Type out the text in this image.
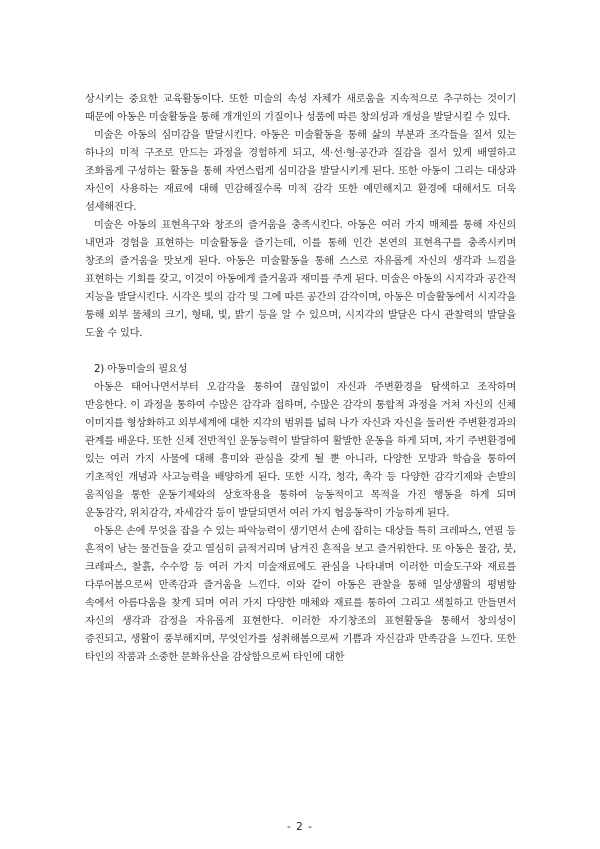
상시키는 중요한 교육활동이다. 또한 미술의 속성 자체가 새로움을 지속적으로 추구하는 것이기 때문에 아동은 미술활동을 통해 개개인의 기질이나 성품에 따른 창의성과 개성을 발달시킬 수 있다.

미술은 아동의 심미감을 발달시킨다. 아동은 미술활동을 통해 삶의 부분과 조각들을 질서 있는 하나의 미적 구조로 만드는 과정을 경험하게 되고, 색·선·형·공간과 질감을 질서 있게 배열하고 조화롭게 구성하는 활동을 통해 자연스럽게 심미감을 발달시키게 된다. 또한 아동이 그리는 대상과 자신이 사용하는 재료에 대해 민감해질수록 미적 감각 또한 예민해지고 환경에 대해서도 더욱 섬세해진다.

미술은 아동의 표현욕구와 창조의 즐거움을 충족시킨다. 아동은 여러 가지 매체를 통해 자신의 내면과 경험을 표현하는 미술활동을 즐기는데, 이를 통해 인간 본연의 표현욕구를 충족시키며 창조의 즐거움을 맛보게 된다. 아동은 미술활동을 통해 스스로 자유롭게 자신의 생각과 느낌을 표현하는 기회를 갖고, 이것이 아동에게 즐거움과 재미를 주게 된다. 미술은 아동의 시지각과 공간적 지능을 발달시킨다. 시각은 빛의 감각 및 그에 따른 공간의 감각이며, 아동은 미술활동에서 시지각을 통해 외부 물체의 크기, 형태, 빛, 밝기 등을 알 수 있으며, 시지각의 발달은 다시 관찰력의 발달을 도울 수 있다.

2) 아동미술의 필요성

아동은 태어나면서부터 오감각을 통하여 끊임없이 자신과 주변환경을 탐색하고 조작하며 반응한다. 이 과정을 통하여 수많은 감각과 접하며, 수많은 감각의 통합적 과정을 거쳐 자신의 신체 이미지를 형상화하고 외부세계에 대한 지각의 범위를 넓혀 나가 자신과 자신을 둘러싼 주변환경과의 관계를 배운다. 또한 신체 전반적인 운동능력이 발달하여 활발한 운동을 하게 되며, 자기 주변환경에 있는 여러 가지 사물에 대해 흥미와 관심을 갖게 될 뿐 아니라, 다양한 모방과 학습을 통하여 기초적인 개념과 사고능력을 배양하게 된다. 또한 시각, 청각, 촉각 등 다양한 감각기제와 손발의 움직임을 통한 운동기제와의 상호작용을 통하여 능동적이고 목적을 가진 행동을 하게 되며 운동감각, 위치감각, 자세감각 등이 발달되면서 여러 가지 협응동작이 가능하게 된다.

아동은 손에 무엇을 잡을 수 있는 파악능력이 생기면서 손에 잡히는 대상들 특히 크레파스, 연필 등 흔적이 남는 물건들을 갖고 열심히 긁적거리며 남겨진 흔적을 보고 즐거워한다. 또 아동은 물감, 붓, 크레파스, 찰흙, 수수깡 등 여러 가지 미술재료에도 관심을 나타내며 이러한 미술도구와 재료를 다루어봄으로써 만족감과 즐거움을 느낀다. 이와 같이 아동은 관찰을 통해 일상생활의 평범함 속에서 아름다움을 찾게 되며 여러 가지 다양한 매체와 재료를 통하여 그리고 색칠하고 만들면서 자신의 생각과 감정을 자유롭게 표현한다. 이러한 자기창조의 표현활동을 통해서 창의성이 증진되고, 생활이 풍부해지며, 무엇인가를 성취해봄으로써 기쁨과 자신감과 만족감을 느낀다. 또한 타인의 작품과 소중한 문화유산을 감상함으로써 타인에 대한

- 2 -
